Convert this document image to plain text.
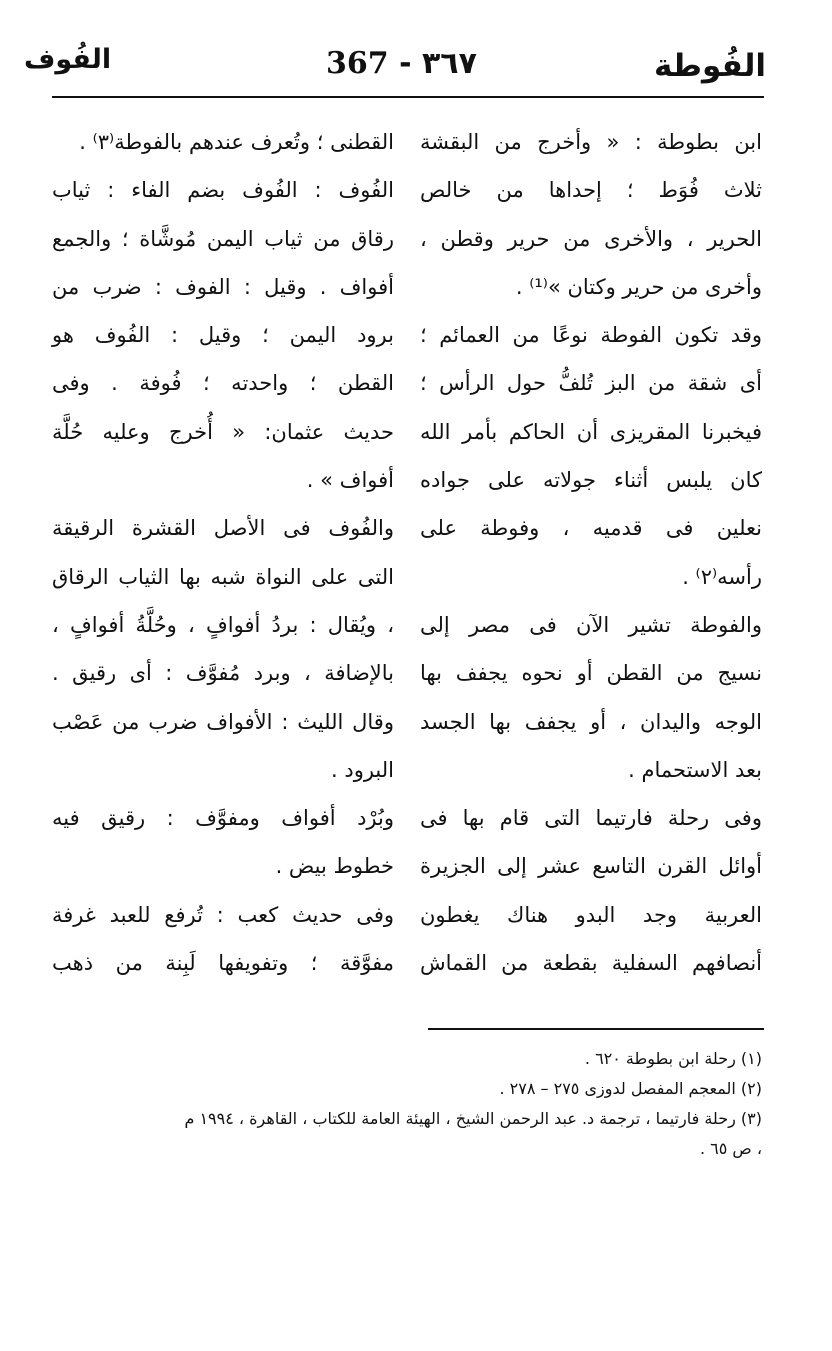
الفُوطة
367 - ٣٦٧
الفُوف
ابن بطوطة : « وأخرج من البقشة
ثلاث فُوَط ؛ إحداها من خالص
الحرير ، والأخرى من حرير وقطن ،
وأخرى من حرير وكتان »⁽¹⁾ .
وقد تكون الفوطة نوعًا من العمائم ؛
أى شقة من البز تُلفُّ حول الرأس ؛
فيخبرنا المقريزى أن الحاكم بأمر الله
كان يلبس أثناء جولاته على جواده
نعلين فى قدميه ، وفوطة على
رأسه⁽٢⁾ .
والفوطة تشير الآن فى مصر إلى
نسيج من القطن أو نحوه يجفف بها
الوجه واليدان ، أو يجفف بها الجسد
بعد الاستحمام .
وفى رحلة فارتيما التى قام بها فى
أوائل القرن التاسع عشر إلى الجزيرة
العربية وجد البدو هناك يغطون
أنصافهم السفلية بقطعة من القماش
القطنى ؛ وتُعرف عندهم بالفوطة⁽٣⁾ .
الفُوف : الفُوف بضم الفاء : ثياب
رقاق من ثياب اليمن مُوشَّاة ؛ والجمع
أفواف . وقيل : الفوف : ضرب من
برود اليمن ؛ وقيل : الفُوف هو
القطن ؛ واحدته ؛ فُوفة . وفى
حديث عثمان: « أُخرج وعليه حُلَّة
أفواف » .
والفُوف فى الأصل القشرة الرقيقة
التى على النواة شبه بها الثياب الرقاق
، ويُقال : بردُ أفوافٍ ، وحُلَّةُ أفوافٍ ،
بالإضافة ، وبرد مُفوَّف : أى رقيق .
وقال الليث : الأفواف ضرب من عَصْب
البرود .
وبُرْد أفواف ومفوَّف : رقيق فيه
خطوط بيض .
وفى حديث كعب : تُرفع للعبد غرفة
مفوَّقة ؛ وتفويفها لَبِنة من ذهب
(١) رحلة ابن بطوطة ٦٢٠ .
(٢) المعجم المفصل لدوزى ٢٧٥ – ٢٧٨ .
(٣) رحلة فارتيما ، ترجمة د. عبد الرحمن الشيخ ، الهيئة العامة للكتاب ، القاهرة ، ١٩٩٤ م
، ص ٦٥ .
